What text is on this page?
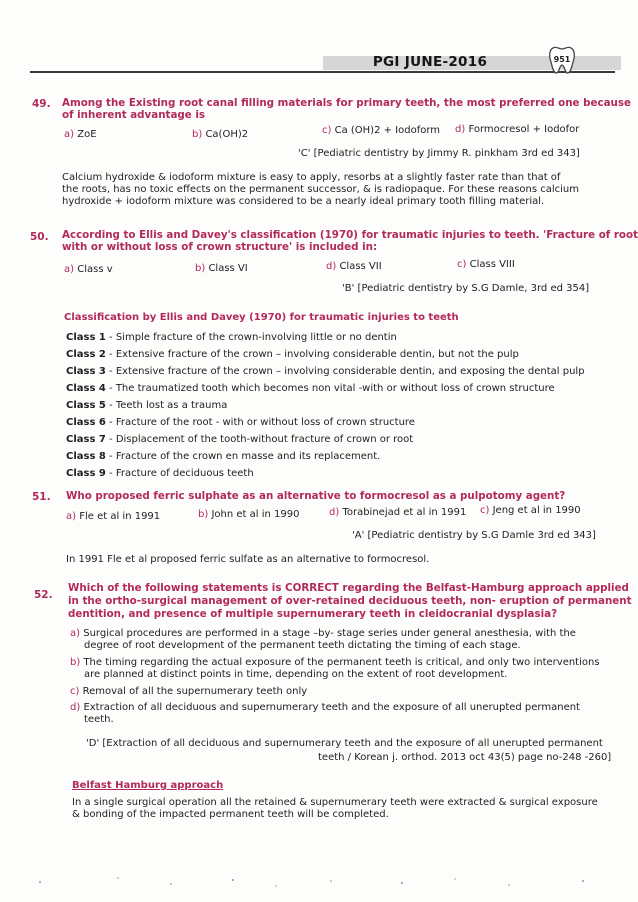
PGI JUNE-2016	951
49. Among the Existing root canal filling materials for primary teeth, the most preferred one because
of inherent advantage is
a) ZoE	b) Ca(OH)2	c) Ca (OH)2 + Iodoform d) Formocresol + Iodofor
'C' [Pediatric dentistry by Jimmy R. pinkham 3rd ed 343]
Calcium hydroxide & iodoform mixture is easy to apply, resorbs at a slightly faster rate than that of
the roots, has no toxic effects on the permanent successor, & is radiopaque. For these reasons calcium
hydroxide + iodoform mixture was considered to be a nearly ideal primary tooth filling material.
50. According to Ellis and Davey's classification (1970) for traumatic injuries to teeth. 'Fracture of root
with or without loss of crown structure' is included in:
a) Class v	b) Class VI	d) Class VII	c) Class VIII
'B' [Pediatric dentistry by S.G Damle, 3rd ed 354]
Classification by Ellis and Davey (1970) for traumatic injuries to teeth
Class 1 - Simple fracture of the crown-involving little or no dentin
Class 2 - Extensive fracture of the crown – involving considerable dentin, but not the pulp
Class 3 - Extensive fracture of the crown – involving considerable dentin, and exposing the dental pulp
Class 4 - The traumatized tooth which becomes non vital -with or without loss of crown structure
Class 5 - Teeth lost as a trauma
Class 6 - Fracture of the root - with or without loss of crown structure
Class 7 - Displacement of the tooth-without fracture of crown or root
Class 8 - Fracture of the crown en masse and its replacement.
Class 9 - Fracture of deciduous teeth
51. Who proposed ferric sulphate as an alternative to formocresol as a pulpotomy agent?
a) Fle et al in 1991	b) John et al in 1990	d) Torabinejad et al in 1991 c) Jeng et al in 1990
'A' [Pediatric dentistry by S.G Damle 3rd ed 343]
In 1991 Fle et al proposed ferric sulfate as an alternative to formocresol.
52.
Which of the following statements is CORRECT regarding the Belfast-Hamburg approach applied
in the ortho-surgical management of over-retained deciduous teeth, non- eruption of permanent
dentition, and presence of multiple supernumerary teeth in cleidocranial dysplasia?
a) Surgical procedures are performed in a stage –by- stage series under general anesthesia, with the
degree of root development of the permanent teeth dictating the timing of each stage.
b) The timing regarding the actual exposure of the permanent teeth is critical, and only two interventions
are planned at distinct points in time, depending on the extent of root development.
c) Removal of all the supernumerary teeth only
d) Extraction of all deciduous and supernumerary teeth and the exposure of all unerupted permanent
teeth.
'D' [Extraction of all deciduous and supernumerary teeth and the exposure of all unerupted permanent
teeth / Korean j. orthod. 2013 oct 43(5) page no-248 -260]
Belfast Hamburg approach
In a single surgical operation all the retained & supernumerary teeth were extracted & surgical exposure
& bonding of the impacted permanent teeth will be completed.
